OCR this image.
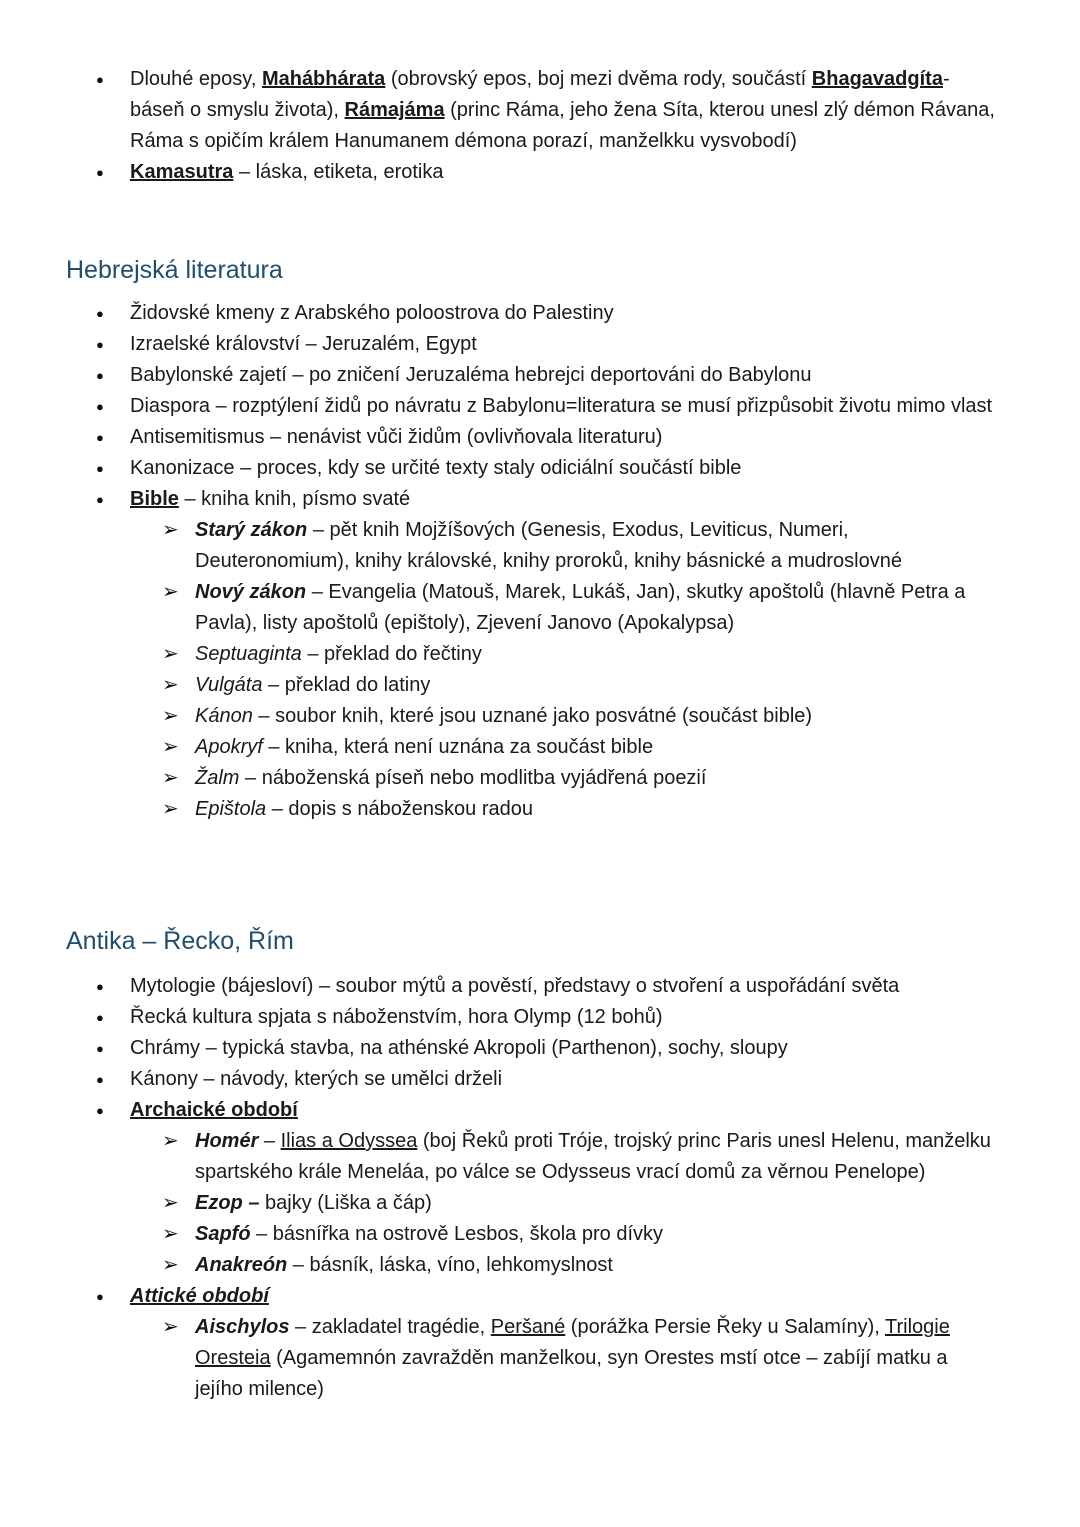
● Dlouhé eposy, Mahábhárata (obrovský epos, boj mezi dvěma rody, součástí Bhagavadgíta- báseň o smyslu života), Rámajáma (princ Ráma, jeho žena Síta, kterou unesl zlý démon Rávana, Ráma s opičím králem Hanumanem démona porazí, manželkku vysvobodí)
● Kamasutra – láska, etiketa, erotika
Hebrejská literatura
● Židovské kmeny z Arabského poloostrova do Palestiny
● Izraelské království – Jeruzalém, Egypt
● Babylonské zajetí – po zničení Jeruzaléma hebrejci deportováni do Babylonu
● Diaspora – rozptýlení židů po návratu z Babylonu=literatura se musí přizpůsobit životu mimo vlast
● Antisemitismus – nenávist vůči židům (ovlivňovala literaturu)
● Kanonizace – proces, kdy se určité texty staly odiciální součástí bible
● Bible – kniha knih, písmo svaté
➢ Starý zákon – pět knih Mojžíšových (Genesis, Exodus, Leviticus, Numeri, Deuteronomium), knihy královské, knihy proroků, knihy básnické a mudroslovné
➢ Nový zákon – Evangelia (Matouš, Marek, Lukáš, Jan), skutky apoštolů (hlavně Petra a Pavla), listy apoštolů (epištoly), Zjevení Janovo (Apokalypsa)
➢ Septuaginta – překlad do řečtiny
➢ Vulgáta – překlad do latiny
➢ Kánon – soubor knih, které jsou uznané jako posvátné (součást bible)
➢ Apokryf – kniha, která není uznána za součást bible
➢ Žalm – náboženská píseň nebo modlitba vyjádřená poezií
➢ Epištola – dopis s náboženskou radou
Antika – Řecko, Řím
● Mytologie (bájesloví) – soubor mýtů a pověstí, představy o stvoření a uspořádání světa
● Řecká kultura spjata s náboženstvím, hora Olymp (12 bohů)
● Chrámy – typická stavba, na athénské Akropoli (Parthenon), sochy, sloupy
● Kánony – návody, kterých se umělci drželi
● Archaické období
➢ Homér – Ilias a Odyssea (boj Řeků proti Tróje, trojský princ Paris unesl Helenu, manželku spartského krále Meneláa, po válce se Odysseus vrací domů za věrnou Penelope)
➢ Ezop – bajky (Liška a čáp)
➢ Sapfó – básnířka na ostrově Lesbos, škola pro dívky
➢ Anakreón – básník, láska, víno, lehkomyslnost
● Attické období
➢ Aischylos – zakladatel tragédie, Peršané (porážka Persie Řeky u Salamíny), Trilogie Oresteia (Agamemnón zavražděn manželkou, syn Orestes mstí otce – zabíjí matku a jejího milence)
